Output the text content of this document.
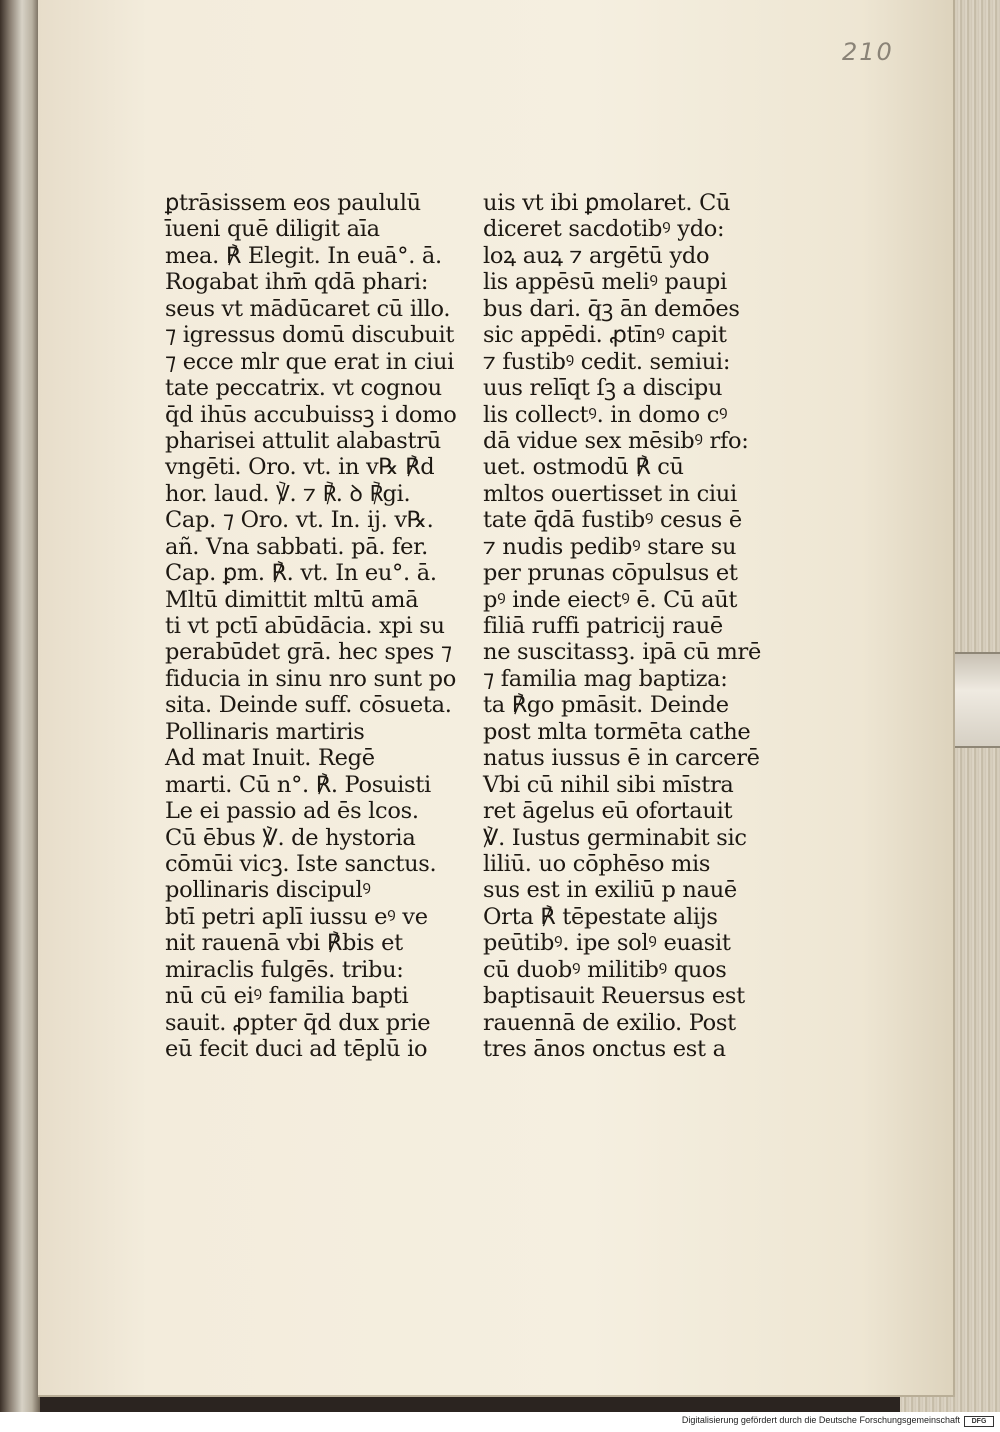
210
ꝑtrāsissem eos paululū
īueni quē diligit aīa
mea. ℟ Elegit. In euā°. ā.
Rogabat ihm̄ qdā phari:
seus vt mādūcaret cū illo.
⁊ igressus domū discubuit
⁊ ecce mlr que erat in ciui
tate peccatrix. vt cognou
q̄d ihūs accubuissꝫ i domo
pharisei attulit alabastrū
vngēti. Oro. vt. in v℞ ℟d
hor. laud. ℣. ⁊ ℟. ꝺ ℟gi.
Cap. ⁊ Oro. vt. In. ij. v℞.
añ. Vna sabbati. pā. fer.
Cap. ꝑm. ℟. vt. In eu°. ā.
Mltū dimittit mltū amā
ti vt pctī abūdācia. xpi su
perabūdet grā. hec spes ⁊
fiducia in sinu nro sunt po
sita. Deinde suff. cōsueta.
Pollinaris martiris
Ad mat Inuit. Regē
marti. Cū n°. ℟. Posuisti
Le ei passio ad ēs lcos.
Cū ēbus ℣. de hystoria
cōmūi vicꝫ. Iste sanctus.
pollinaris discipulꝰ
btī petri aplī iussu eꝰ ve
nit rauenā vbi ℟bis et
miraclis fulgēs. tribu:
nū cū eiꝰ familia bapti
sauit. ꝓpter q̄d dux prie
eū fecit duci ad tēplū io
uis vt ibi ꝑmolaret. Cū
diceret sacdotibꝰ ydo:
loꝝ auꝝ ⁊ argētū ydo
lis appēsū meliꝰ paupi
bus dari. q̄ꝫ ān demōes
sic appēdi. ꝓtīnꝰ capit
⁊ fustibꝰ cedit. semiui:
uus relīqt ſꝫ a discipu
lis collectꝰ. in domo cꝰ
dā vidue sex mēsibꝰ rfo:
uet. ostmodū ℟ cū
mltos ouertisset in ciui
tate q̄dā fustibꝰ cesus ē
⁊ nudis pedibꝰ stare su
per prunas cōpulsus et
pꝰ inde eiectꝰ ē. Cū aūt
filiā ruffi patricij rauē
ne suscitassꝫ. ipā cū mrē
⁊ familia mag baptiza:
ta ℟go pmāsit. Deinde
post mlta tormēta cathe
natus iussus ē in carcerē
Vbi cū nihil sibi mīstra
ret āgelus eū ofortauit
℣. Iustus germinabit sic
liliū. uo cōphēso mis
sus est in exiliū p nauē
Orta ℟ tēpestate alijs
peūtibꝰ. ipe solꝰ euasit
cū duobꝰ militibꝰ quos
baptisauit Reuersus est
rauennā de exilio. Post
tres ānos onctus est a
Digitalisierung gefördert durch die Deutsche Forschungsgemeinschaft	DFG
